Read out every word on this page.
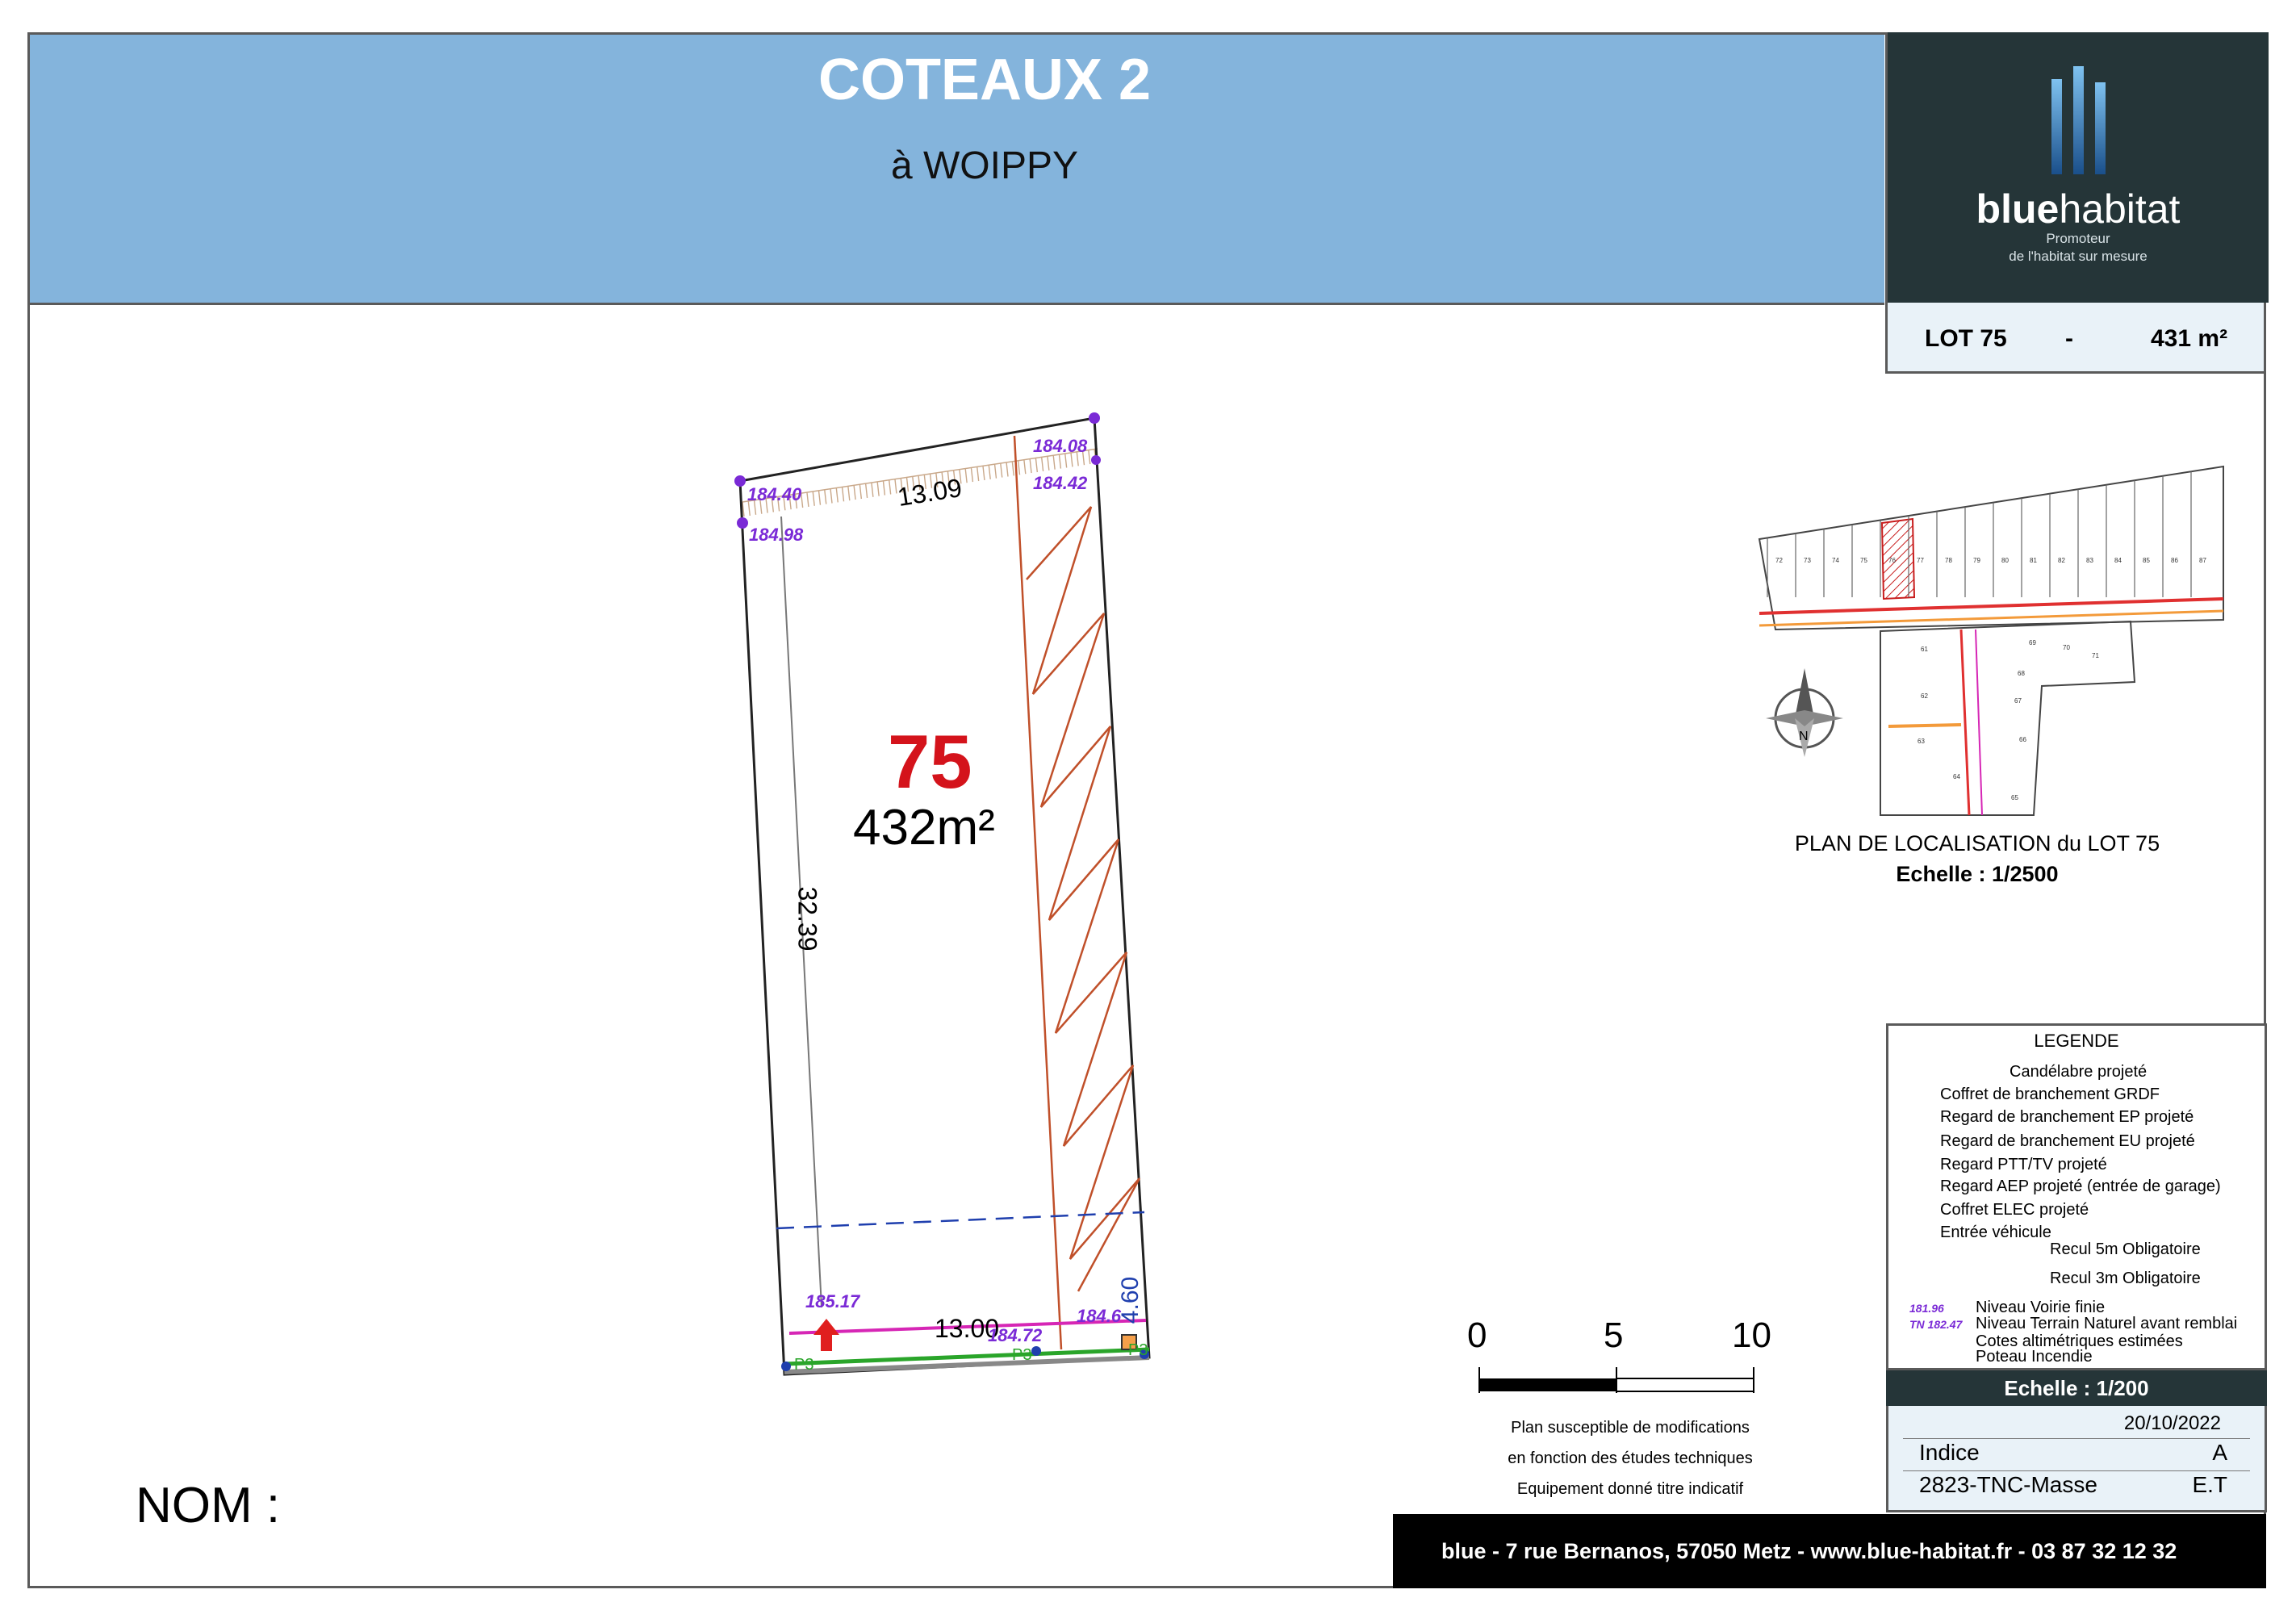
COTEAUX 2
à WOIPPY
bluehabitat
Promoteur
de l'habitat sur mesure
LOT 75 -	431 m²
75
432m²
13.09
32.39
13.00
4.60
184.40
184.98
184.08
184.42
185.17
184.72
184.6
P3
P3	P3
72	73	74	75	76	77	78	79	80	81	82	83	84	85	86	87
61
62
63
64
65
66
67
68
69
70
71
N
PLAN DE LOCALISATION du LOT 75
Echelle : 1/2500
0	5	10
Plan susceptible de modifications
en fonction des études techniques
Equipement donné titre indicatif
LEGENDE
Candélabre projeté
Coffret de branchement GRDF
Regard de branchement EP projeté
Regard de branchement EU projeté
Regard PTT/TV projeté
Regard AEP projeté (entrée de garage)
Coffret ELEC projeté
Entrée véhicule
Recul 5m Obligatoire
Recul 3m Obligatoire
181.96 Niveau Voirie finie
TN 182.47 Niveau Terrain Naturel avant remblai
Cotes altimétriques estimées
Poteau Incendie
Echelle : 1/200
20/10/2022
Indice	A
2823-TNC-Masse	E.T
NOM :
blue - 7 rue Bernanos, 57050 Metz - www.blue-habitat.fr - 03 87 32 12 32
